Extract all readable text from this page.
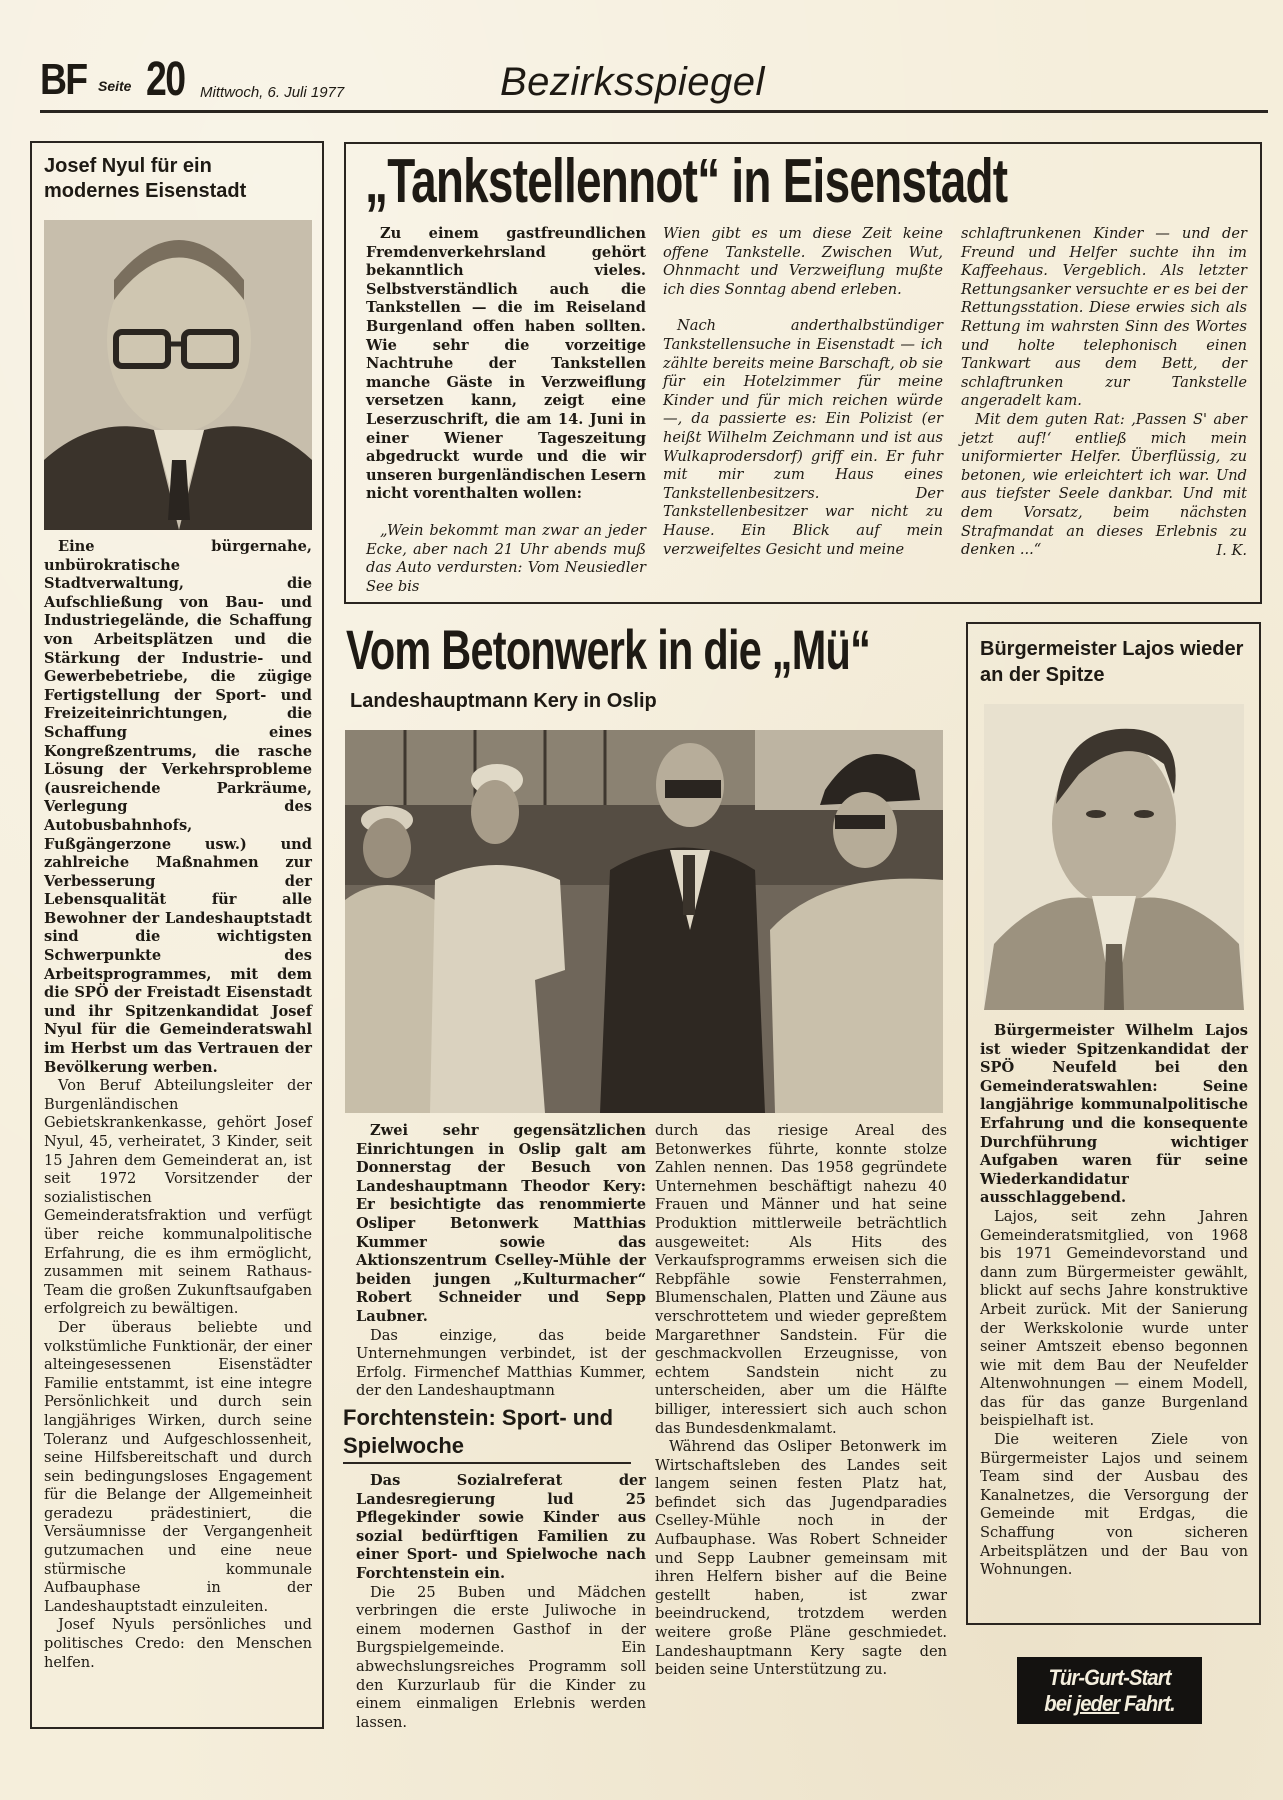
BF Seite 20 Mittwoch, 6. Juli 1977	Bezirksspiegel
Josef Nyul für ein modernes Eisenstadt

Eine bürgernahe, unbürokratische Stadtverwaltung, die Aufschließung von Bau- und Industriegelände, die Schaffung von Arbeitsplätzen und die Stärkung der Industrie- und Gewerbebetriebe, die zügige Fertigstellung der Sport- und Freizeiteinrichtungen, die Schaffung eines Kongreßzentrums, die rasche Lösung der Verkehrsprobleme (ausreichende Parkräume, Verlegung des Autobusbahnhofs, Fußgängerzone usw.) und zahlreiche Maßnahmen zur Verbesserung der Lebensqualität für alle Bewohner der Landeshauptstadt sind die wichtigsten Schwerpunkte des Arbeitsprogrammes, mit dem die SPÖ der Freistadt Eisenstadt und ihr Spitzenkandidat Josef Nyul für die Gemeinderatswahl im Herbst um das Vertrauen der Bevölkerung werben.

Von Beruf Abteilungsleiter der Burgenländischen Gebietskrankenkasse, gehört Josef Nyul, 45, verheiratet, 3 Kinder, seit 15 Jahren dem Gemeinderat an, ist seit 1972 Vorsitzender der sozialistischen Gemeinderatsfraktion und verfügt über reiche kommunalpolitische Erfahrung, die es ihm ermöglicht, zusammen mit seinem Rathaus-Team die großen Zukunftsaufgaben erfolgreich zu bewältigen.

Der überaus beliebte und volkstümliche Funktionär, der einer alteingesessenen Eisenstädter Familie entstammt, ist eine integre Persönlichkeit und durch sein langjähriges Wirken, durch seine Toleranz und Aufgeschlossenheit, seine Hilfsbereitschaft und durch sein bedingungsloses Engagement für die Belange der Allgemeinheit geradezu prädestiniert, die Versäumnisse der Vergangenheit gutzumachen und eine neue stürmische kommunale Aufbauphase in der Landeshauptstadt einzuleiten.

Josef Nyuls persönliches und politisches Credo: den Menschen helfen.

„Tankstellennot“ in Eisenstadt

Zu einem gastfreundlichen Fremdenverkehrsland gehört bekanntlich vieles. Selbstverständlich auch die Tankstellen — die im Reiseland Burgenland offen haben sollten. Wie sehr die vorzeitige Nachtruhe der Tankstellen manche Gäste in Verzweiflung versetzen kann, zeigt eine Leserzuschrift, die am 14. Juni in einer Wiener Tageszeitung abgedruckt wurde und die wir unseren burgenländischen Lesern nicht vorenthalten wollen:

„Wein bekommt man zwar an jeder Ecke, aber nach 21 Uhr abends muß das Auto verdursten: Vom Neusiedler See bis

Wien gibt es um diese Zeit keine offene Tankstelle. Zwischen Wut, Ohnmacht und Verzweiflung mußte ich dies Sonntag abend erleben.

Nach anderthalbstündiger Tankstellensuche in Eisenstadt — ich zählte bereits meine Barschaft, ob sie für ein Hotelzimmer für meine Kinder und für mich reichen würde —, da passierte es: Ein Polizist (er heißt Wilhelm Zeichmann und ist aus Wulkaprodersdorf) griff ein. Er fuhr mit mir zum Haus eines Tankstellenbesitzers. Der Tankstellenbesitzer war nicht zu Hause. Ein Blick auf mein verzweifeltes Gesicht und meine

schlaftrunkenen Kinder — und der Freund und Helfer suchte ihn im Kaffeehaus. Vergeblich. Als letzter Rettungsanker versuchte er es bei der Rettungsstation. Diese erwies sich als Rettung im wahrsten Sinn des Wortes und holte telephonisch einen Tankwart aus dem Bett, der schlaftrunken zur Tankstelle angeradelt kam.

Mit dem guten Rat: ‚Passen S' aber jetzt auf!‘ entließ mich mein uniformierter Helfer. Überflüssig, zu betonen, wie erleichtert ich war. Und aus tiefster Seele dankbar. Und mit dem Vorsatz, beim nächsten Strafmandat an dieses Erlebnis zu denken ...“	I. K.

Vom Betonwerk in die „Mü“
Landeshauptmann Kery in Oslip

Zwei sehr gegensätzlichen Einrichtungen in Oslip galt am Donnerstag der Besuch von Landeshauptmann Theodor Kery: Er besichtigte das renommierte Osliper Betonwerk Matthias Kummer sowie das Aktionszentrum Cselley-Mühle der beiden jungen „Kulturmacher“ Robert Schneider und Sepp Laubner.

Das einzige, das beide Unternehmungen verbindet, ist der Erfolg. Firmenchef Matthias Kummer, der den Landeshauptmann

Forchtenstein: Sport- und Spielwoche

Das Sozialreferat der Landesregierung lud 25 Pflegekinder sowie Kinder aus sozial bedürftigen Familien zu einer Sport- und Spielwoche nach Forchtenstein ein.

Die 25 Buben und Mädchen verbringen die erste Juliwoche in einem modernen Gasthof in der Burgspielgemeinde. Ein abwechslungsreiches Programm soll den Kurzurlaub für die Kinder zu einem einmaligen Erlebnis werden lassen.

durch das riesige Areal des Betonwerkes führte, konnte stolze Zahlen nennen. Das 1958 gegründete Unternehmen beschäftigt nahezu 40 Frauen und Männer und hat seine Produktion mittlerweile beträchtlich ausgeweitet: Als Hits des Verkaufsprogramms erweisen sich die Rebpfähle sowie Fensterrahmen, Blumenschalen, Platten und Zäune aus verschrottetem und wieder gepreßtem Margarethner Sandstein. Für die geschmackvollen Erzeugnisse, von echtem Sandstein nicht zu unterscheiden, aber um die Hälfte billiger, interessiert sich auch schon das Bundesdenkmalamt.

Während das Osliper Betonwerk im Wirtschaftsleben des Landes seit langem seinen festen Platz hat, befindet sich das Jugendparadies Cselley-Mühle noch in der Aufbauphase. Was Robert Schneider und Sepp Laubner gemeinsam mit ihren Helfern bisher auf die Beine gestellt haben, ist zwar beeindruckend, trotzdem werden weitere große Pläne geschmiedet. Landeshauptmann Kery sagte den beiden seine Unterstützung zu.

Bürgermeister Lajos wieder an der Spitze

Bürgermeister Wilhelm Lajos ist wieder Spitzenkandidat der SPÖ Neufeld bei den Gemeinderatswahlen: Seine langjährige kommunalpolitische Erfahrung und die konsequente Durchführung wichtiger Aufgaben waren für seine Wiederkandidatur ausschlaggebend.

Lajos, seit zehn Jahren Gemeinderatsmitglied, von 1968 bis 1971 Gemeindevorstand und dann zum Bürgermeister gewählt, blickt auf sechs Jahre konstruktive Arbeit zurück. Mit der Sanierung der Werkskolonie wurde unter seiner Amtszeit ebenso begonnen wie mit dem Bau der Neufelder Altenwohnungen — einem Modell, das für das ganze Burgenland beispielhaft ist.

Die weiteren Ziele von Bürgermeister Lajos und seinem Team sind der Ausbau des Kanalnetzes, die Versorgung der Gemeinde mit Erdgas, die Schaffung von sicheren Arbeitsplätzen und der Bau von Wohnungen.

Tür-Gurt-Start
bei jeder Fahrt.
